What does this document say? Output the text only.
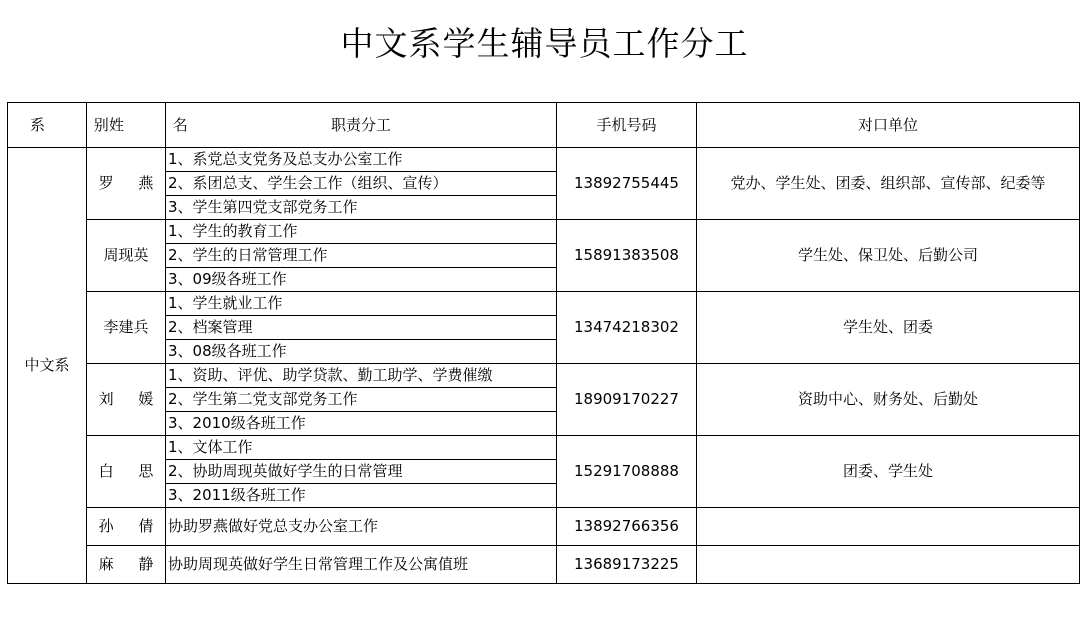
中文系学生辅导员工作分工
系 别	姓 名	职责分工	手机号码	对口单位
中文系	罗 燕	1、系党总支党务及总支办公室工作	13892755445	党办、学生处、团委、组织部、宣传部、纪委等
		2、系团总支、学生会工作（组织、宣传）		
		3、学生第四党支部党务工作		
	周现英	1、学生的教育工作	15891383508	学生处、保卫处、后勤公司
		2、学生的日常管理工作		
		3、09级各班工作		
	李建兵	1、学生就业工作	13474218302	学生处、团委
		2、档案管理		
		3、08级各班工作		
	刘 媛	1、资助、评优、助学贷款、勤工助学、学费催缴	18909170227	资助中心、财务处、后勤处
		2、学生第二党支部党务工作		
		3、2010级各班工作		
	白 思	1、文体工作	15291708888	团委、学生处
		2、协助周现英做好学生的日常管理		
		3、2011级各班工作		
	孙 倩	协助罗燕做好党总支办公室工作	13892766356	
	麻 静	协助周现英做好学生日常管理工作及公寓值班	13689173225	
